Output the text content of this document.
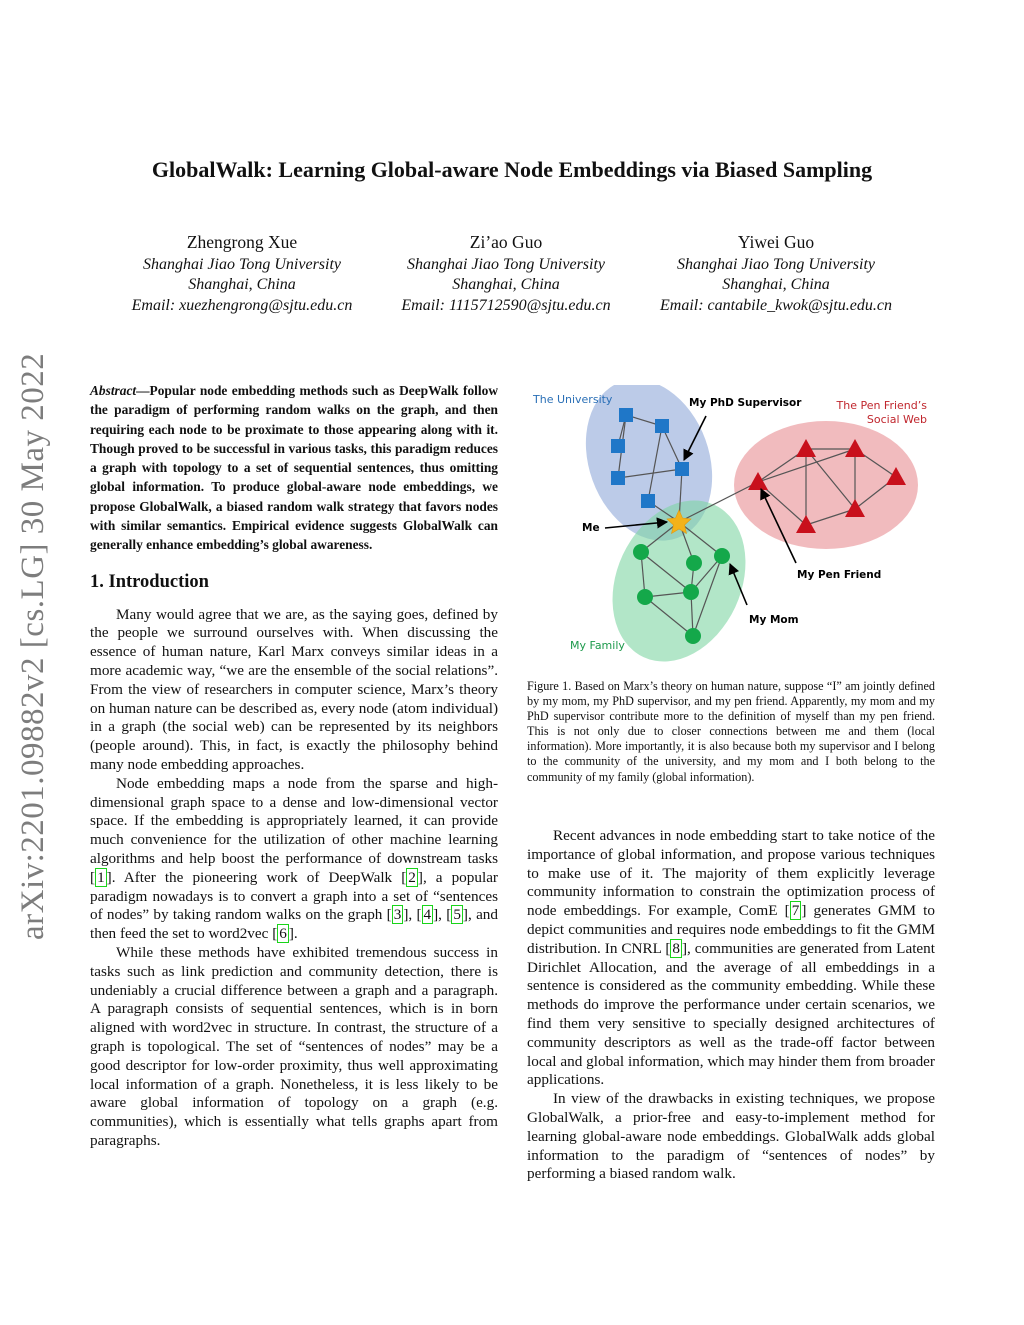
arXiv:2201.09882v2 [cs.LG] 30 May 2022
GlobalWalk: Learning Global-aware Node Embeddings via Biased Sampling
Zhengrong Xue
Shanghai Jiao Tong University
Shanghai, China
Email: xuezhengrong@sjtu.edu.cn
Zi’ao Guo
Shanghai Jiao Tong University
Shanghai, China
Email: 1115712590@sjtu.edu.cn
Yiwei Guo
Shanghai Jiao Tong University
Shanghai, China
Email: cantabile_kwok@sjtu.edu.cn
Abstract—Popular node embedding methods such as DeepWalk follow the paradigm of performing random walks on the graph, and then requiring each node to be proximate to those appearing along with it. Though proved to be successful in various tasks, this paradigm reduces a graph with topology to a set of sequential sentences, thus omitting global information. To produce global-aware node embeddings, we propose GlobalWalk, a biased random walk strategy that favors nodes with similar semantics. Empirical evidence suggests GlobalWalk can generally enhance embedding’s global awareness.
1. Introduction

Many would agree that we are, as the saying goes, defined by the people we surround ourselves with. When discussing the essence of human nature, Karl Marx conveys similar ideas in a more academic way, “we are the ensemble of the social relations”. From the view of researchers in computer science, Marx’s theory on human nature can be described as, every node (atom individual) in a graph (the social web) can be represented by its neighbors (people around). This, in fact, is exactly the philosophy behind many node embedding approaches.

Node embedding maps a node from the sparse and high-dimensional graph space to a dense and low-dimensional vector space. If the embedding is appropriately learned, it can provide much convenience for the utilization of other machine learning algorithms and help boost the performance of downstream tasks [ 1 ]. After the pioneering work of DeepWalk [ 2 ], a popular paradigm nowadays is to convert a graph into a set of “sentences of nodes” by taking random walks on the graph [ 3 ], [ 4 ], [ 5 ], and then feed the set to word2vec [ 6 ].

While these methods have exhibited tremendous success in tasks such as link prediction and community detection, there is undeniably a crucial difference between a graph and a paragraph. A paragraph consists of sequential sentences, which is in born aligned with word2vec in structure. In contrast, the structure of a graph is topological. The set of “sentences of nodes” may be a good descriptor for low-order proximity, thus well approximating local information of a graph. Nonetheless, it is less likely to be aware global information of topology on a graph (e.g. communities), which is essentially what tells graphs apart from paragraphs.

The University	My PhD Supervisor	The Pen Friend’s
Social Web
Me
My Pen Friend
My Mom
My Family
Figure 1. Based on Marx’s theory on human nature, suppose “I” am jointly defined by my mom, my PhD supervisor, and my pen friend. Apparently, my mom and my PhD supervisor contribute more to the definition of myself than my pen friend. This is not only due to closer connections between me and them (local information). More importantly, it is also because both my supervisor and I belong to the community of the university, and my mom and I both belong to the community of my family (global information).

Recent advances in node embedding start to take notice of the importance of global information, and propose various techniques to make use of it. The majority of them explicitly leverage community information to constrain the optimization process of node embeddings. For example, ComE [ 7 ] generates GMM to depict communities and requires node embeddings to fit the GMM distribution. In CNRL [ 8 ], communities are generated from Latent Dirichlet Allocation, and the average of all embeddings in a sentence is considered as the community embedding. While these methods do improve the performance under certain scenarios, we find them very sensitive to specially designed architectures of community descriptors as well as the trade-off factor between local and global information, which may hinder them from broader applications.

In view of the drawbacks in existing techniques, we propose GlobalWalk, a prior-free and easy-to-implement method for learning global-aware node embeddings. GlobalWalk adds global information to the paradigm of “sentences of nodes” by performing a biased random walk.
